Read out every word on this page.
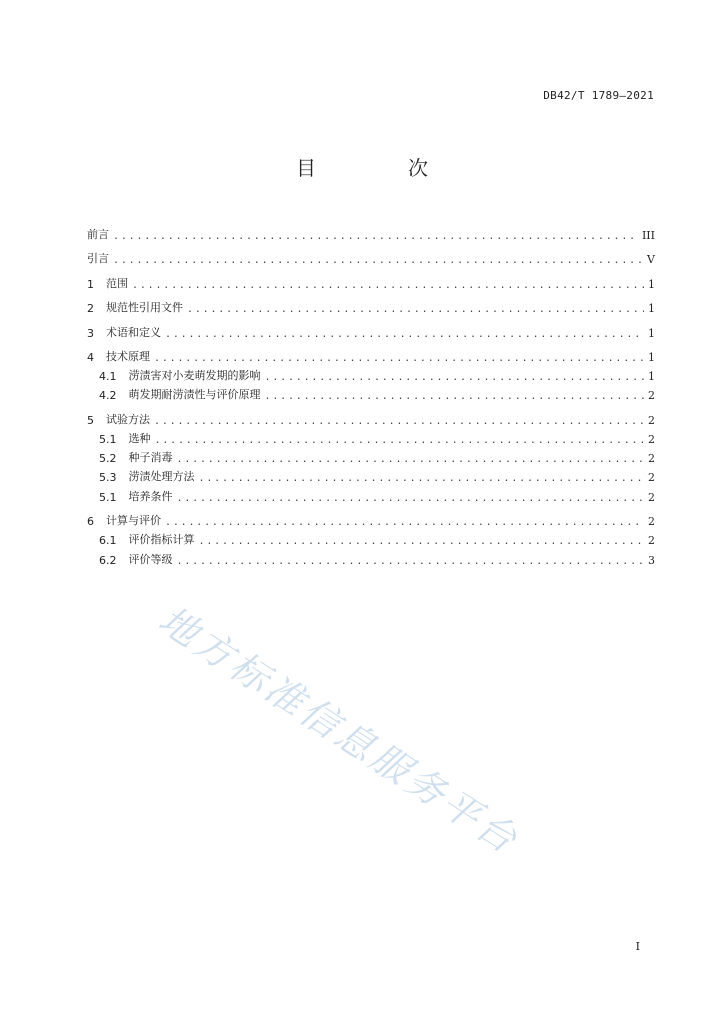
DB42/T 1789—2021
目　次
前言 .....	III
引言 .....	V
1 范围 .....	1
2 规范性引用文件 .....	1
3 术语和定义 .....	1
4 技术原理 .....	1
4.1 涝渍害对小麦萌发期的影响 .....	1
4.2 萌发期耐涝渍性与评价原理 .....	2
5 试验方法 .....	2
5.1 选种 .....	2
5.2 种子消毒 .....	2
5.3 涝渍处理方法 .....	2
5.1 培养条件 .....	2
6 计算与评价 .....	2
6.1 评价指标计算 .....	2
6.2 评价等级 .....	3
地方标准信息服务平台
I
